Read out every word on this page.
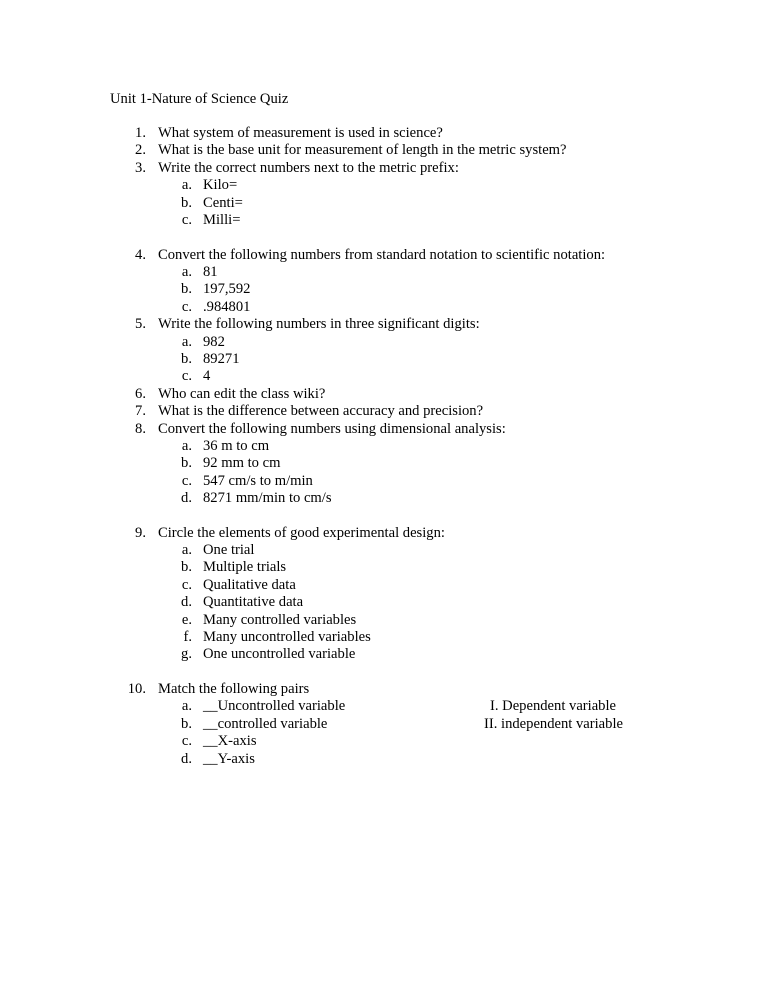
Unit 1-Nature of Science Quiz
1. What system of measurement is used in science?
2. What is the base unit for measurement of length in the metric system?
3. Write the correct numbers next to the metric prefix:
a. Kilo=
b. Centi=
c. Milli=
4. Convert the following numbers from standard notation to scientific notation:
a. 81
b. 197,592
c. .984801
5. Write the following numbers in three significant digits:
a. 982
b. 89271
c. 4
6. Who can edit the class wiki?
7. What is the difference between accuracy and precision?
8. Convert the following numbers using dimensional analysis:
a. 36 m to cm
b. 92 mm to cm
c. 547 cm/s to m/min
d. 8271 mm/min to cm/s
9. Circle the elements of good experimental design:
a. One trial
b. Multiple trials
c. Qualitative data
d. Quantitative data
e. Many controlled variables
f. Many uncontrolled variables
g. One uncontrolled variable
10. Match the following pairs
a. __Uncontrolled variable
b. __controlled variable
c. __X-axis
d. __Y-axis
I. Dependent variable
II. independent variable
